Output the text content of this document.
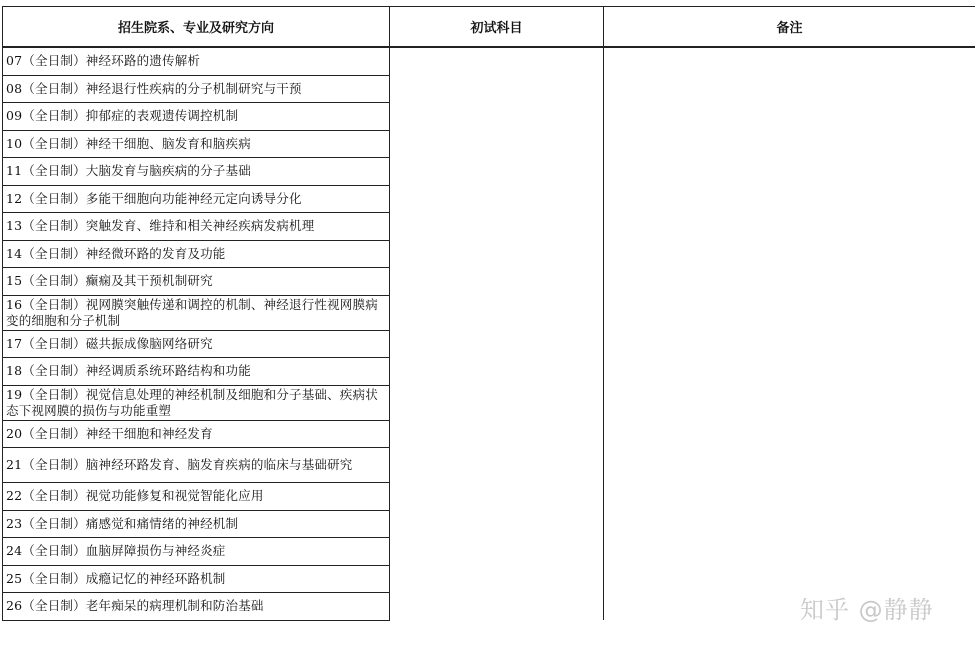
招生院系、专业及研究方向	初试科目	备注
07（全日制）神经环路的遗传解析		
08（全日制）神经退行性疾病的分子机制研究与干预		
09（全日制）抑郁症的表观遗传调控机制		
10（全日制）神经干细胞、脑发育和脑疾病		
11（全日制）大脑发育与脑疾病的分子基础		
12（全日制）多能干细胞向功能神经元定向诱导分化		
13（全日制）突触发育、维持和相关神经疾病发病机理		
14（全日制）神经微环路的发育及功能		
15（全日制）癫痫及其干预机制研究		
16（全日制）视网膜突触传递和调控的机制、神经退行性视网膜病变的细胞和分子机制		
17（全日制）磁共振成像脑网络研究		
18（全日制）神经调质系统环路结构和功能		
19（全日制）视觉信息处理的神经机制及细胞和分子基础、疾病状态下视网膜的损伤与功能重塑		
20（全日制）神经干细胞和神经发育		
21（全日制）脑神经环路发育、脑发育疾病的临床与基础研究		
22（全日制）视觉功能修复和视觉智能化应用		
23（全日制）痛感觉和痛情绪的神经机制		
24（全日制）血脑屏障损伤与神经炎症		
25（全日制）成瘾记忆的神经环路机制		
26（全日制）老年痴呆的病理机制和防治基础			知乎 @静静
